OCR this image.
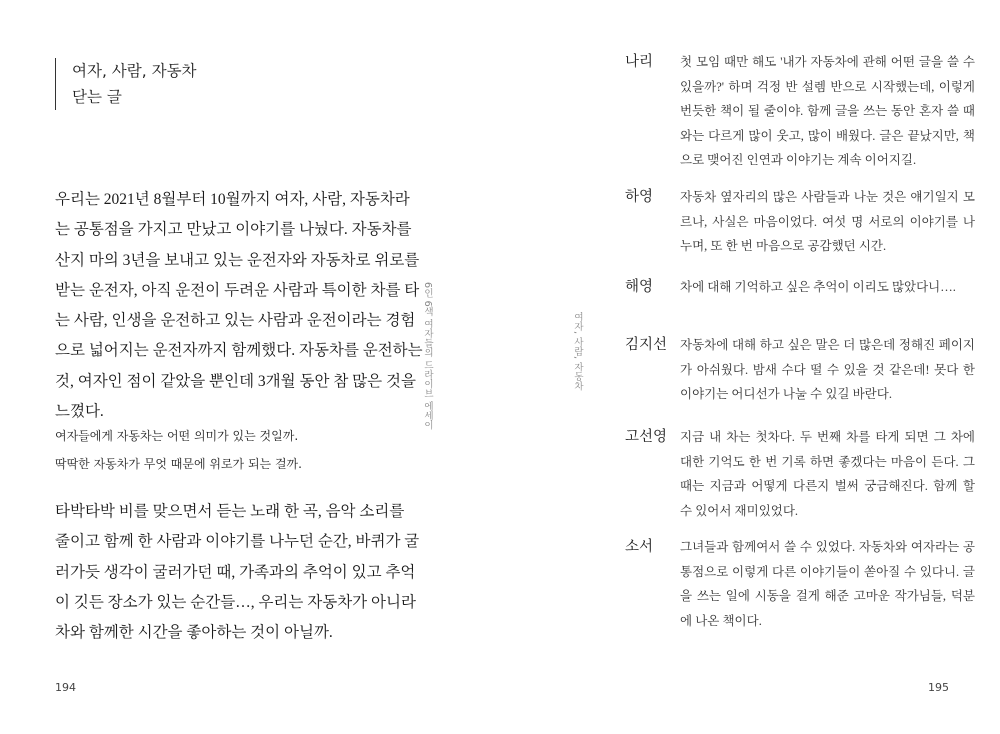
여자, 사람, 자동차
닫는 글
우리는 2021년 8월부터 10월까지 여자, 사람, 자동차라
는 공통점을 가지고 만났고 이야기를 나눴다. 자동차를
산지 마의 3년을 보내고 있는 운전자와 자동차로 위로를
받는 운전자, 아직 운전이 두려운 사람과 특이한 차를 타
는 사람, 인생을 운전하고 있는 사람과 운전이라는 경험
으로 넓어지는 운전자까지 함께했다. 자동차를 운전하는
것, 여자인 점이 같았을 뿐인데 3개월 동안 참 많은 것을
느꼈다.
여자들에게 자동차는 어떤 의미가 있는 것일까.
딱딱한 자동차가 무엇 때문에 위로가 되는 걸까.
타박타박 비를 맞으면서 듣는 노래 한 곡, 음악 소리를
줄이고 함께 한 사람과 이야기를 나누던 순간, 바퀴가 굴
러가듯 생각이 굴러가던 때, 가족과의 추억이 있고 추억
이 깃든 장소가 있는 순간들…, 우리는 자동차가 아니라
차와 함께한 시간을 좋아하는 것이 아닐까.
6인 6색 여자들의 드라이브 에세이
194
여자, 사람, 자동차
나리 첫 모임 때만 해도 '내가 자동차에 관해 어떤 글을 쓸 수
있을까?' 하며 걱정 반 설렘 반으로 시작했는데, 이렇게
번듯한 책이 될 줄이야. 함께 글을 쓰는 동안 혼자 쓸 때
와는 다르게 많이 웃고, 많이 배웠다. 글은 끝났지만, 책
으로 맺어진 인연과 이야기는 계속 이어지길.
하영 자동차 옆자리의 많은 사람들과 나눈 것은 얘기일지 모
르나, 사실은 마음이었다. 여섯 명 서로의 이야기를 나
누며, 또 한 번 마음으로 공감했던 시간.
해영 차에 대해 기억하고 싶은 추억이 이리도 많았다니….
김지선 자동차에 대해 하고 싶은 말은 더 많은데 정해진 페이지
가 아쉬웠다. 밤새 수다 떨 수 있을 것 같은데! 못다 한
이야기는 어디선가 나눌 수 있길 바란다.
고선영 지금 내 차는 첫차다. 두 번째 차를 타게 되면 그 차에
대한 기억도 한 번 기록 하면 좋겠다는 마음이 든다. 그
때는 지금과 어떻게 다른지 벌써 궁금해진다. 함께 할
수 있어서 재미있었다.
소서 그녀들과 함께여서 쓸 수 있었다. 자동차와 여자라는 공
통점으로 이렇게 다른 이야기들이 쏟아질 수 있다니. 글
을 쓰는 일에 시동을 걸게 해준 고마운 작가님들, 덕분
에 나온 책이다.
195
